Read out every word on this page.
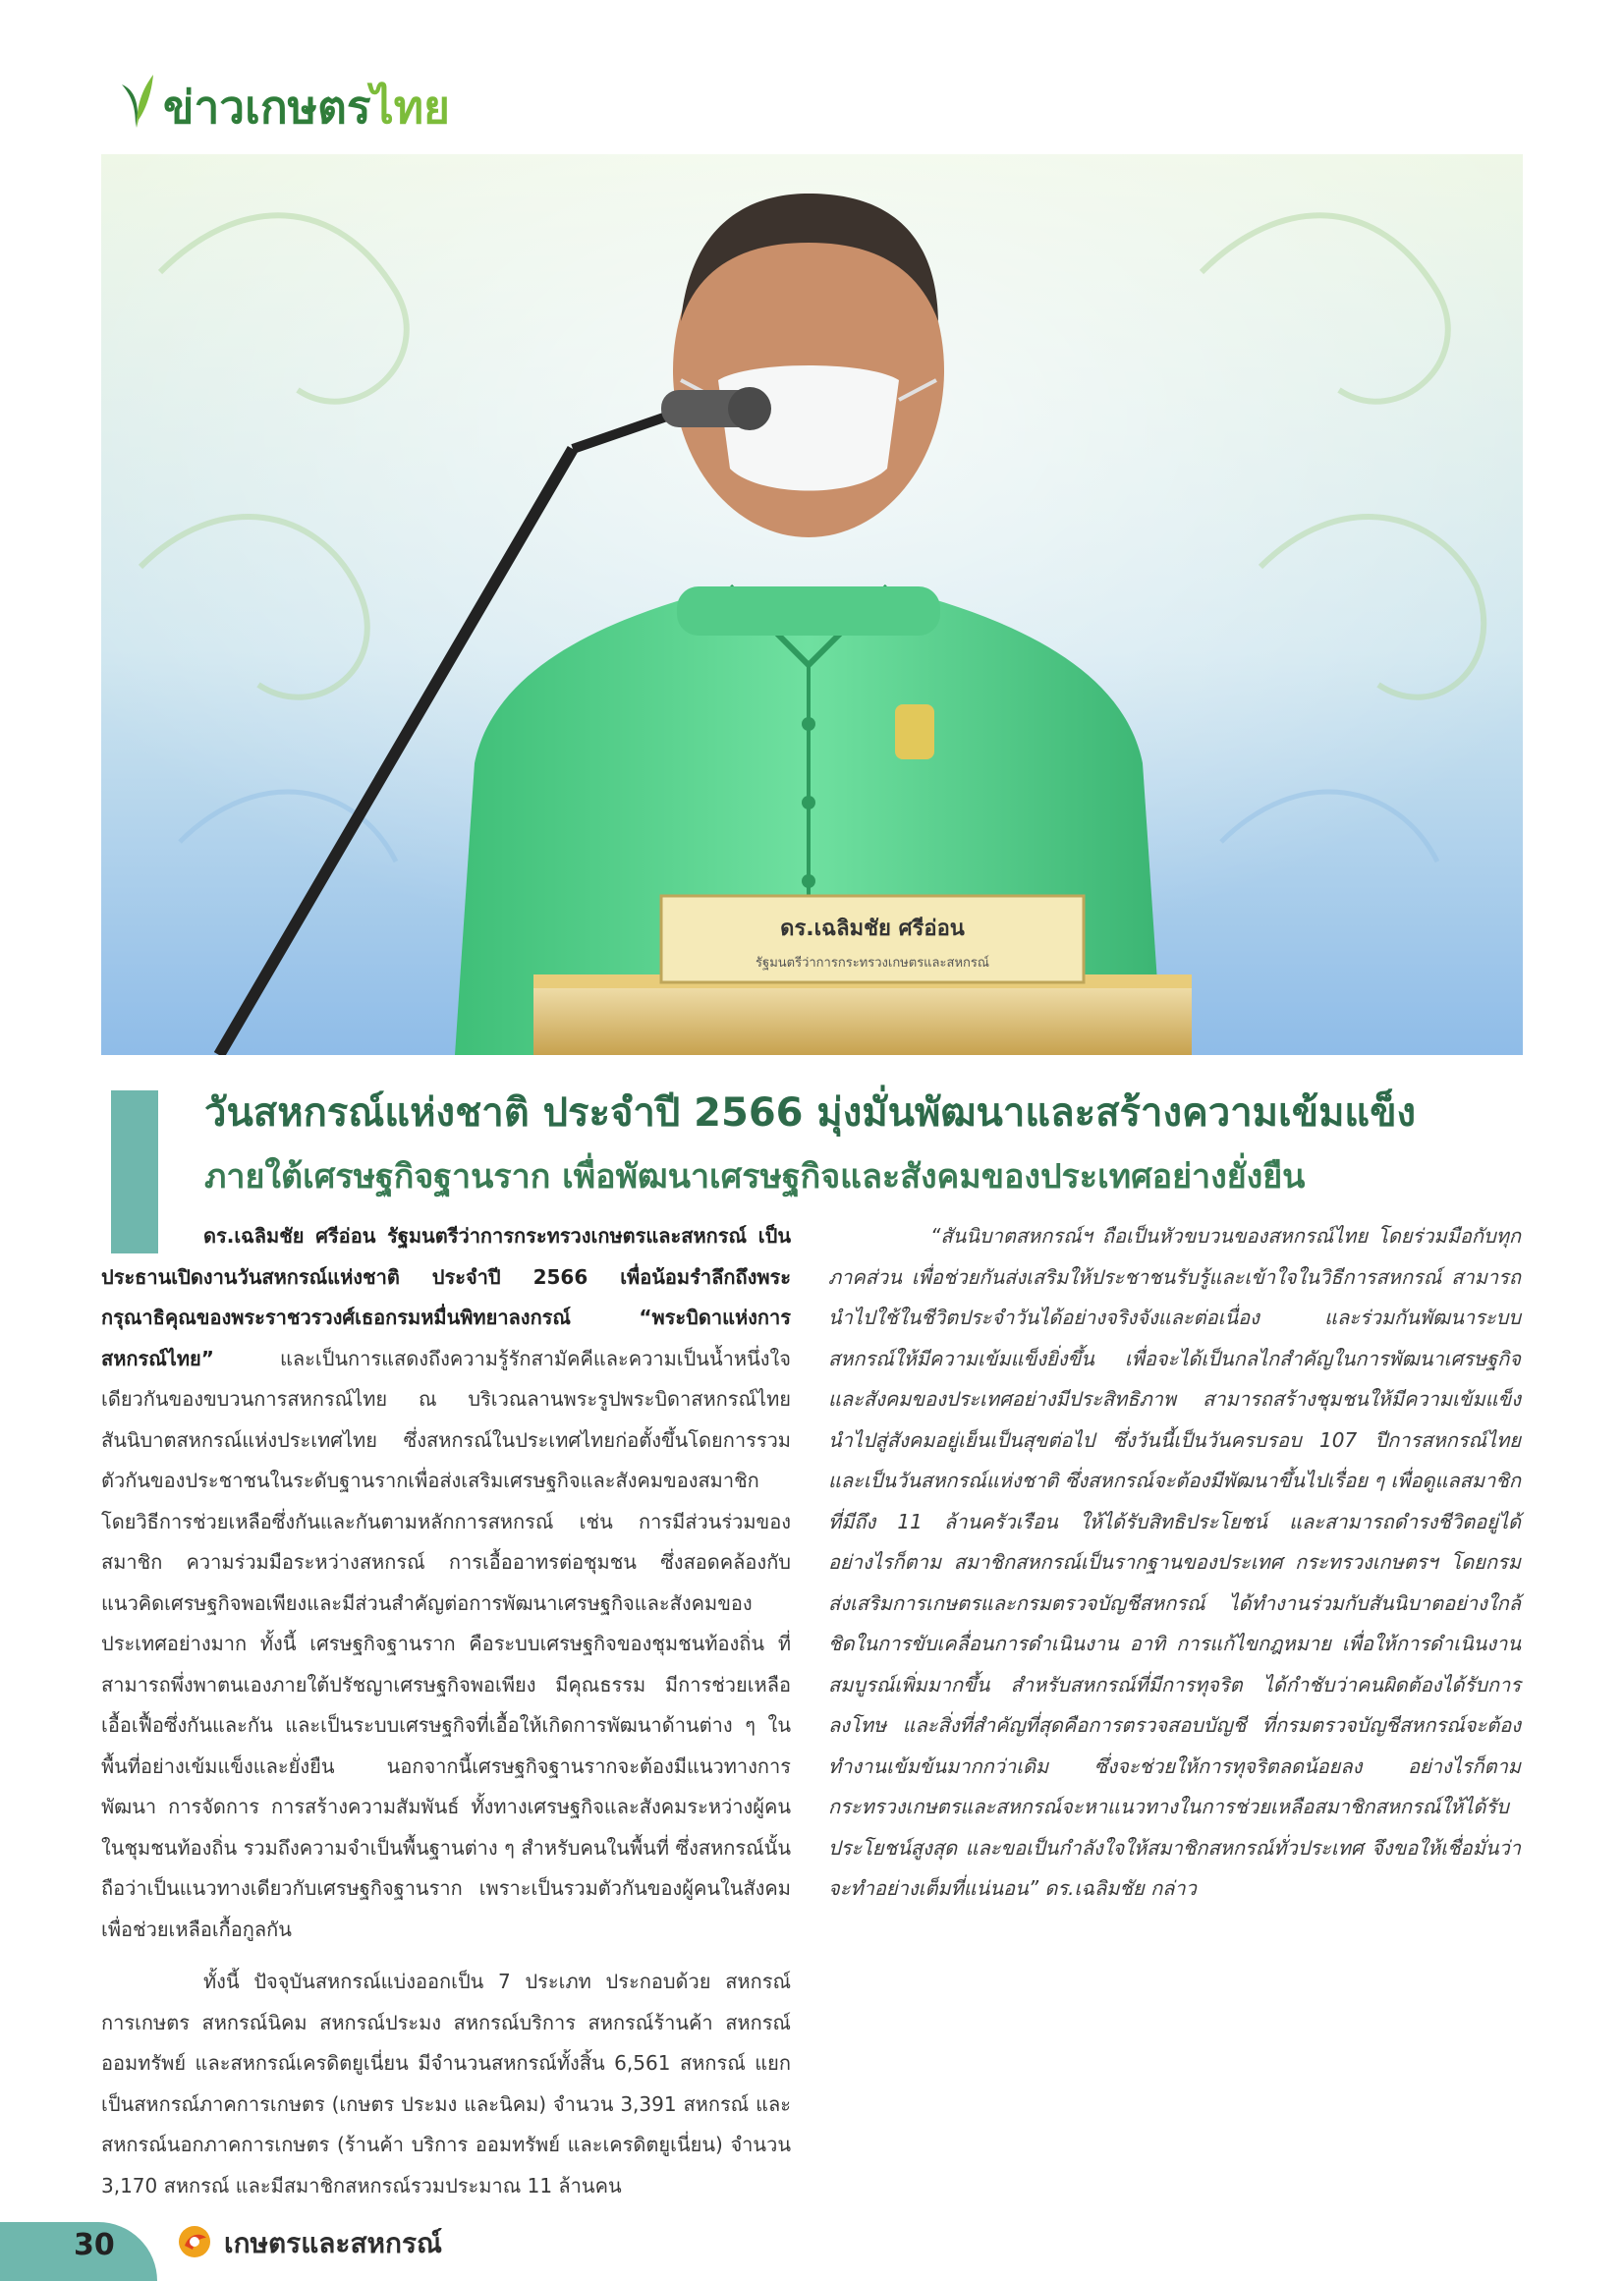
ข่าวเกษตรไทย
ดร.เฉลิมชัย ศรีอ่อน
รัฐมนตรีว่าการกระทรวงเกษตรและสหกรณ์
วันสหกรณ์แห่งชาติ ประจำปี 2566 มุ่งมั่นพัฒนาและสร้างความเข้มแข็ง
ภายใต้เศรษฐกิจฐานราก เพื่อพัฒนาเศรษฐกิจและสังคมของประเทศอย่างยั่งยืน

ดร.เฉลิมชัย ศรีอ่อน รัฐมนตรีว่าการกระทรวงเกษตรและสหกรณ์ เป็นประธานเปิดงานวันสหกรณ์แห่งชาติ ประจำปี 2566 เพื่อน้อมรำลึกถึงพระกรุณาธิคุณของพระราชวรวงศ์เธอกรมหมื่นพิทยาลงกรณ์ “พระบิดาแห่งการสหกรณ์ไทย” และเป็นการแสดงถึงความรู้รักสามัคคีและความเป็นน้ำหนึ่งใจเดียวกันของขบวนการสหกรณ์ไทย ณ บริเวณลานพระรูปพระบิดาสหกรณ์ไทย สันนิบาตสหกรณ์แห่งประเทศไทย ซึ่งสหกรณ์ในประเทศไทยก่อตั้งขึ้นโดยการรวมตัวกันของประชาชนในระดับฐานรากเพื่อส่งเสริมเศรษฐกิจและสังคมของสมาชิก โดยวิธีการช่วยเหลือซึ่งกันและกันตามหลักการสหกรณ์ เช่น การมีส่วนร่วมของสมาชิก ความร่วมมือระหว่างสหกรณ์ การเอื้ออาทรต่อชุมชน ซึ่งสอดคล้องกับแนวคิดเศรษฐกิจพอเพียงและมีส่วนสำคัญต่อการพัฒนาเศรษฐกิจและสังคมของประเทศอย่างมาก ทั้งนี้ เศรษฐกิจฐานราก คือระบบเศรษฐกิจของชุมชนท้องถิ่น ที่สามารถพึ่งพาตนเองภายใต้ปรัชญาเศรษฐกิจพอเพียง มีคุณธรรม มีการช่วยเหลือเอื้อเฟื้อซึ่งกันและกัน และเป็นระบบเศรษฐกิจที่เอื้อให้เกิดการพัฒนาด้านต่าง ๆ ในพื้นที่อย่างเข้มแข็งและยั่งยืน นอกจากนี้เศรษฐกิจฐานรากจะต้องมีแนวทางการพัฒนา การจัดการ การสร้างความสัมพันธ์ ทั้งทางเศรษฐกิจและสังคมระหว่างผู้คนในชุมชนท้องถิ่น รวมถึงความจำเป็นพื้นฐานต่าง ๆ สำหรับคนในพื้นที่ ซึ่งสหกรณ์นั้นถือว่าเป็นแนวทางเดียวกับเศรษฐกิจฐานราก เพราะเป็นรวมตัวกันของผู้คนในสังคมเพื่อช่วยเหลือเกื้อกูลกัน

ทั้งนี้ ปัจจุบันสหกรณ์แบ่งออกเป็น 7 ประเภท ประกอบด้วย สหกรณ์การเกษตร สหกรณ์นิคม สหกรณ์ประมง สหกรณ์บริการ สหกรณ์ร้านค้า สหกรณ์ออมทรัพย์ และสหกรณ์เครดิตยูเนี่ยน มีจำนวนสหกรณ์ทั้งสิ้น 6,561 สหกรณ์ แยกเป็นสหกรณ์ภาคการเกษตร (เกษตร ประมง และนิคม) จำนวน 3,391 สหกรณ์ และสหกรณ์นอกภาคการเกษตร (ร้านค้า บริการ ออมทรัพย์ และเครดิตยูเนี่ยน) จำนวน 3,170 สหกรณ์ และมีสมาชิกสหกรณ์รวมประมาณ 11 ล้านคน

“สันนิบาตสหกรณ์ฯ ถือเป็นหัวขบวนของสหกรณ์ไทย โดยร่วมมือกับทุกภาคส่วน เพื่อช่วยกันส่งเสริมให้ประชาชนรับรู้และเข้าใจในวิธีการสหกรณ์ สามารถนำไปใช้ในชีวิตประจำวันได้อย่างจริงจังและต่อเนื่อง และร่วมกันพัฒนาระบบสหกรณ์ให้มีความเข้มแข็งยิ่งขึ้น เพื่อจะได้เป็นกลไกสำคัญในการพัฒนาเศรษฐกิจและสังคมของประเทศอย่างมีประสิทธิภาพ สามารถสร้างชุมชนให้มีความเข้มแข็งนำไปสู่สังคมอยู่เย็นเป็นสุขต่อไป ซึ่งวันนี้เป็นวันครบรอบ 107 ปีการสหกรณ์ไทย และเป็นวันสหกรณ์แห่งชาติ ซึ่งสหกรณ์จะต้องมีพัฒนาขึ้นไปเรื่อย ๆ เพื่อดูแลสมาชิกที่มีถึง 11 ล้านครัวเรือน ให้ได้รับสิทธิประโยชน์ และสามารถดำรงชีวิตอยู่ได้ อย่างไรก็ตาม สมาชิกสหกรณ์เป็นรากฐานของประเทศ กระทรวงเกษตรฯ โดยกรมส่งเสริมการเกษตรและกรมตรวจบัญชีสหกรณ์ ได้ทำงานร่วมกับสันนิบาตอย่างใกล้ชิดในการขับเคลื่อนการดำเนินงาน อาทิ การแก้ไขกฎหมาย เพื่อให้การดำเนินงานสมบูรณ์เพิ่มมากขึ้น สำหรับสหกรณ์ที่มีการทุจริต ได้กำชับว่าคนผิดต้องได้รับการลงโทษ และสิ่งที่สำคัญที่สุดคือการตรวจสอบบัญชี ที่กรมตรวจบัญชีสหกรณ์จะต้องทำงานเข้มข้นมากกว่าเดิม ซึ่งจะช่วยให้การทุจริตลดน้อยลง อย่างไรก็ตาม กระทรวงเกษตรและสหกรณ์จะหาแนวทางในการช่วยเหลือสมาชิกสหกรณ์ให้ได้รับประโยชน์สูงสุด และขอเป็นกำลังใจให้สมาชิกสหกรณ์ทั่วประเทศ จึงขอให้เชื่อมั่นว่าจะทำอย่างเต็มที่แน่นอน” ดร.เฉลิมชัย กล่าว

30	เกษตรและสหกรณ์
